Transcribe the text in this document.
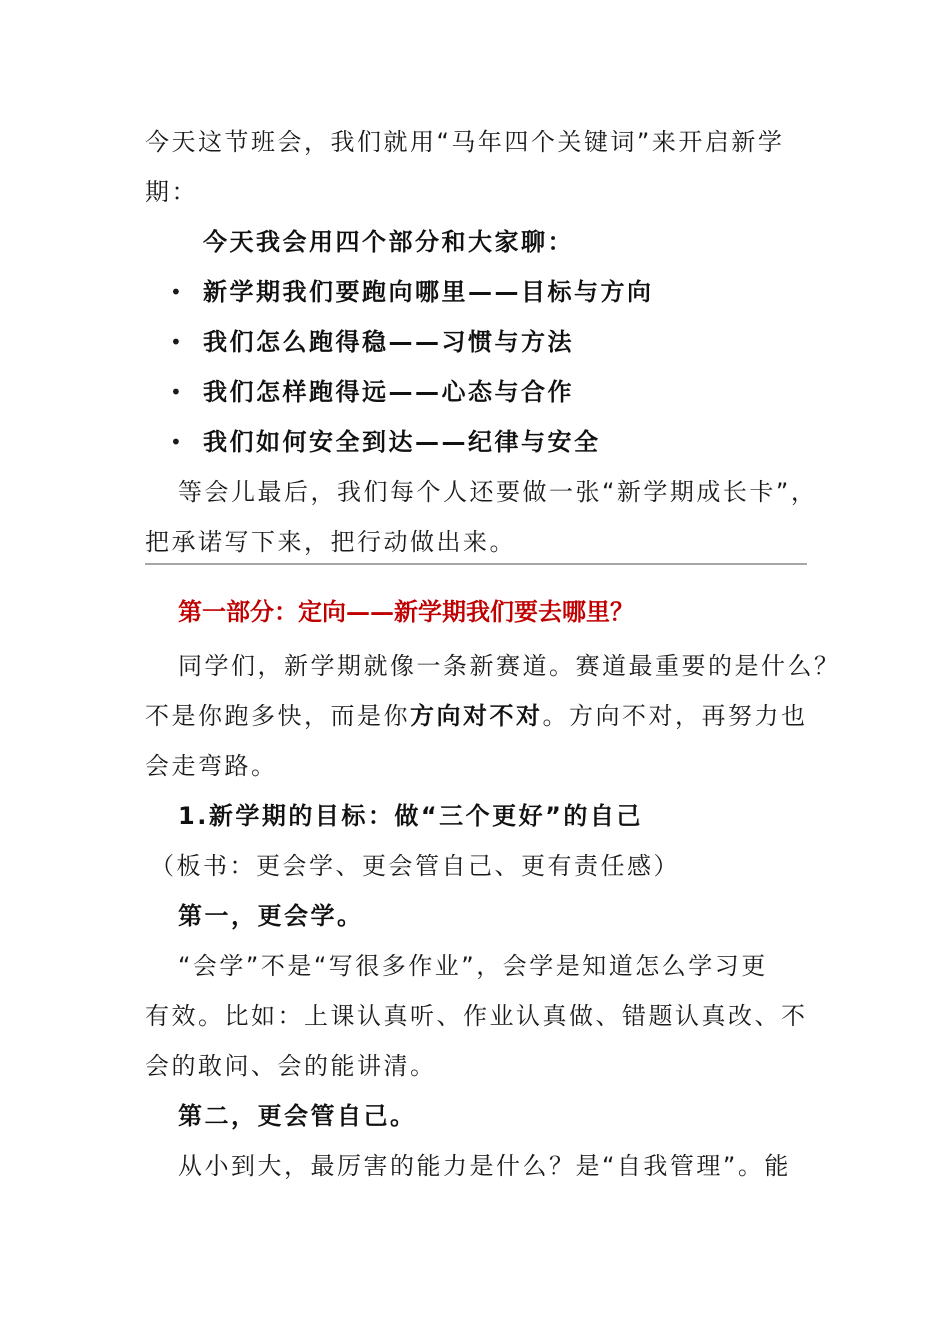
今天这节班会，我们就用“马年四个关键词”来开启新学
期：
今天我会用四个部分和大家聊：
• 新学期我们要跑向哪里——目标与方向
• 我们怎么跑得稳——习惯与方法
• 我们怎样跑得远——心态与合作
• 我们如何安全到达——纪律与安全
等会儿最后，我们每个人还要做一张“新学期成长卡”，
把承诺写下来，把行动做出来。
第一部分：定向——新学期我们要去哪里？
同学们，新学期就像一条新赛道。赛道最重要的是什么？
不是你跑多快，而是你方向对不对。方向不对，再努力也
会走弯路。
1.新学期的目标：做“三个更好”的自己
（板书：更会学、更会管自己、更有责任感）
第一，更会学。
“会学”不是“写很多作业”，会学是知道怎么学习更
有效。比如：上课认真听、作业认真做、错题认真改、不
会的敢问、会的能讲清。
第二，更会管自己。
从小到大，最厉害的能力是什么？是“自我管理”。能
